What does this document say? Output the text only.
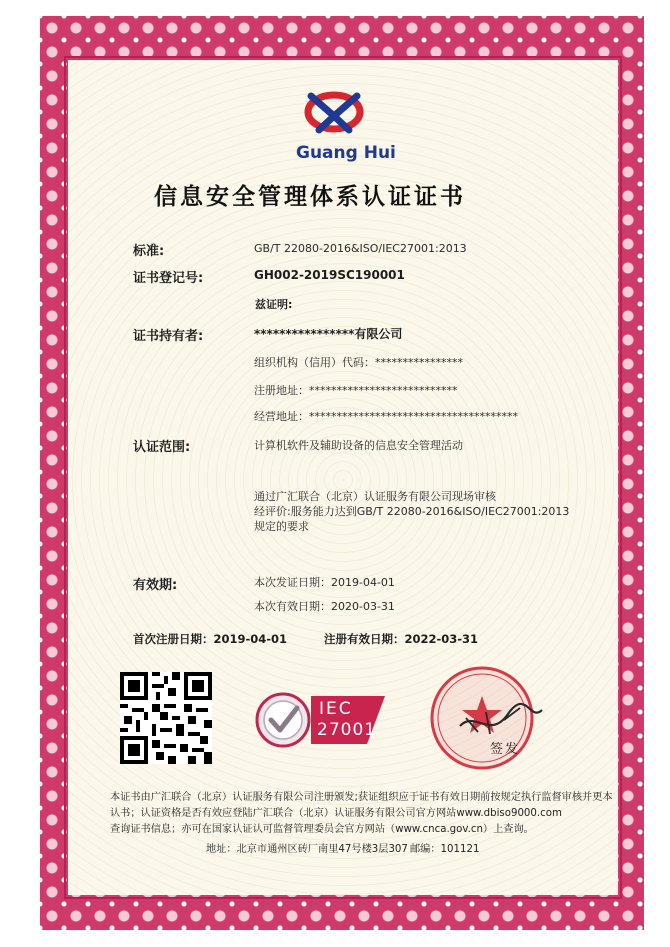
Guang Hui
信息安全管理体系认证证书
标准:	GB/T 22080-2016&ISO/IEC27001:2013
证书登记号:	GH002-2019SC190001
兹证明:
证书持有者:	****************有限公司
组织机构（信用）代码：****************
注册地址：***************************
经营地址：**************************************
认证范围:	计算机软件及辅助设备的信息安全管理活动
通过广汇联合（北京）认证服务有限公司现场审核
经评价:服务能力达到GB/T 22080-2016&ISO/IEC27001:2013
规定的要求
有效期:	本次发证日期：2019-04-01
本次有效日期：2020-03-31
首次注册日期：2019-04-01	注册有效日期：2022-03-31
IEC
27001
签发
本证书由广汇联合（北京）认证服务有限公司注册颁发;获证组织应于证书有效日期前按规定执行监督审核并更本
认书；认证资格是否有效应登陆广汇联合（北京）认证服务有限公司官方网站www.dbiso9000.com
查询证书信息；亦可在国家认证认可监督管理委员会官方网站（www.cnca.gov.cn）上查询。
地址：北京市通州区砖厂南里47号楼3层307 邮编：101121
